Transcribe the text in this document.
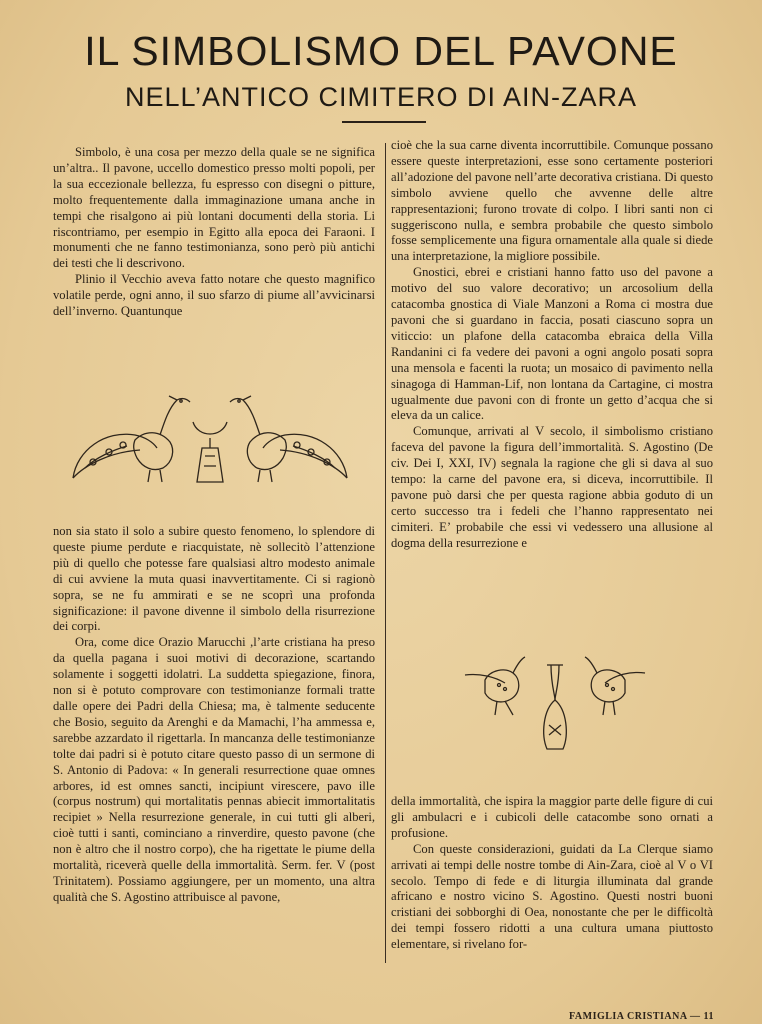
IL SIMBOLISMO DEL PAVONE
NELL’ANTICO CIMITERO DI AIN-ZARA

Simbolo, è una cosa per mezzo della quale se ne significa un’altra.. Il pavone, uccello domestico presso molti popoli, per la sua eccezionale bellezza, fu espresso con disegni o pitture, molto frequentemente dalla immaginazione umana anche in tempi che risalgono ai più lontani documenti della storia. Li riscontriamo, per esempio in Egitto alla epoca dei Faraoni. I monumenti che ne fanno testimonianza, sono però più antichi dei testi che li descrivono.

Plinio il Vecchio aveva fatto notare che questo magnifico volatile perde, ogni anno, il suo sfarzo di piume all’avvicinarsi dell’inverno. Quantunque

non sia stato il solo a subire questo fenomeno, lo splendore di queste piume perdute e riacquistate, nè sollecitò l’attenzione più di quello che potesse fare qualsiasi altro modesto animale di cui avviene la muta quasi inavvertitamente. Ci si ragionò sopra, se ne fu ammirati e se ne scoprì una profonda significazione: il pavone divenne il simbolo della risurrezione dei corpi.

Ora, come dice Orazio Marucchi ,l’arte cristiana ha preso da quella pagana i suoi motivi di decorazione, scartando solamente i soggetti idolatri. La suddetta spiegazione, finora, non si è potuto comprovare con testimonianze formali tratte dalle opere dei Padri della Chiesa; ma, è talmente seducente che Bosio, seguito da Arenghi e da Mamachi, l’ha ammessa e, sarebbe azzardato il rigettarla. In mancanza delle testimonianze tolte dai padri si è potuto citare questo passo di un sermone di S. Antonio di Padova: « In generali resurrectione quae omnes arbores, id est omnes sancti, incipiunt virescere, pavo ille (corpus nostrum) qui mortalitatis pennas abiecit immortalitatis recipiet » Nella resurrezione generale, in cui tutti gli alberi, cioè tutti i santi, cominciano a rinverdire, questo pavone (che non è altro che il nostro corpo), che ha rigettate le piume della mortalità, riceverà quelle della immortalità. Serm. fer. V (post Trinitatem). Possiamo aggiungere, per un momento, una altra qualità che S. Agostino attribuisce al pavone,

cioè che la sua carne diventa incorruttibile. Comunque possano essere queste interpretazioni, esse sono certamente posteriori all’adozione del pavone nell’arte decorativa cristiana. Di questo simbolo avviene quello che avvenne delle altre rappresentazioni; furono trovate di colpo. I libri santi non ci suggeriscono nulla, e sembra probabile che questo simbolo fosse semplicemente una figura ornamentale alla quale si diede una interpretazione, la migliore possibile.

Gnostici, ebrei e cristiani hanno fatto uso del pavone a motivo del suo valore decorativo; un arcosolium della catacomba gnostica di Viale Manzoni a Roma ci mostra due pavoni che si guardano in faccia, posati ciascuno sopra un viticcio: un plafone della catacomba ebraica della Villa Randanini ci fa vedere dei pavoni a ogni angolo posati sopra una mensola e facenti la ruota; un mosaico di pavimento nella sinagoga di Hamman-Lif, non lontana da Cartagine, ci mostra ugualmente due pavoni con di fronte un getto d’acqua che si eleva da un calice.

Comunque, arrivati al V secolo, il simbolismo cristiano faceva del pavone la figura dell’immortalità. S. Agostino (De civ. Dei I, XXI, IV) segnala la ragione che gli si dava al suo tempo: la carne del pavone era, si diceva, incorruttibile. Il pavone può darsi che per questa ragione abbia goduto di un certo successo tra i fedeli che l’hanno rappresentato nei cimiteri. E’ probabile che essi vi vedessero una allusione al dogma della resurrezione e

della immortalità, che ispira la maggior parte delle figure di cui gli ambulacri e i cubicoli delle catacombe sono ornati a profusione.

Con queste considerazioni, guidati da La Clerque siamo arrivati ai tempi delle nostre tombe di Ain-Zara, cioè al V o VI secolo. Tempo di fede e di liturgia illuminata dal grande africano e nostro vicino S. Agostino. Questi nostri buoni cristiani dei sobborghi di Oea, nonostante che per le difficoltà dei tempi fossero ridotti a una cultura umana piuttosto elementare, si rivelano for-

FAMIGLIA CRISTIANA — 11
